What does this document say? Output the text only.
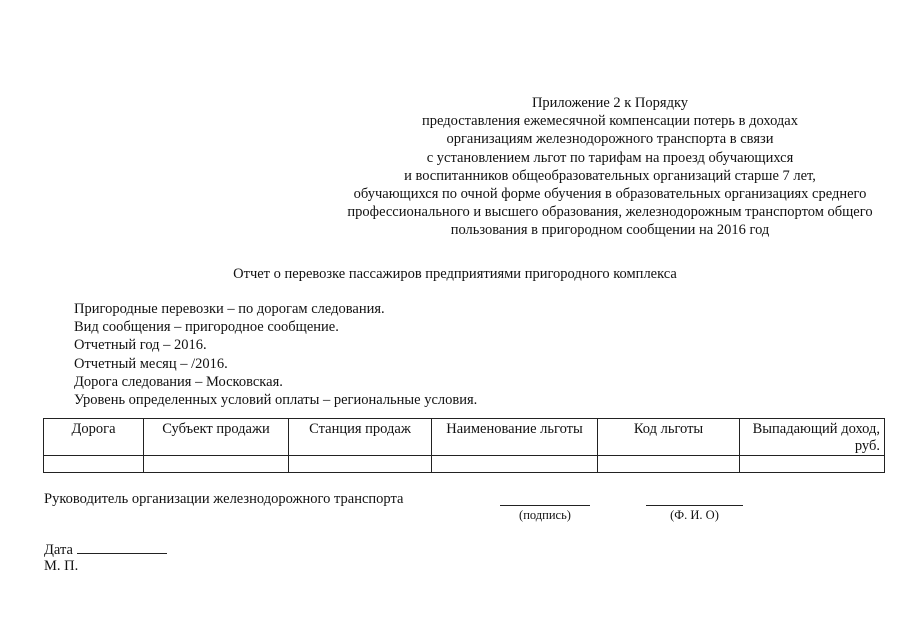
Приложение 2 к Порядку
предоставления ежемесячной компенсации потерь в доходах
организациям железнодорожного транспорта в связи
с установлением льгот по тарифам на проезд обучающихся
и воспитанников общеобразовательных организаций старше 7 лет,
обучающихся по очной форме обучения в образовательных организациях среднего
профессионального и высшего образования, железнодорожным транспортом общего
пользования в пригородном сообщении на 2016 год
Отчет о перевозке пассажиров предприятиями пригородного комплекса
Пригородные перевозки – по дорогам следования.
Вид сообщения – пригородное сообщение.
Отчетный год – 2016.
Отчетный месяц – /2016.
Дорога следования – Московская.
Уровень определенных условий оплаты – региональные условия.
Дорога	Субъект продажи	Станция продаж	Наименование льготы	Код льготы	Выпадающий доход, руб.

Руководитель организации железнодорожного транспорта
(подпись)	(Ф. И. О)
Дата
М. П.
